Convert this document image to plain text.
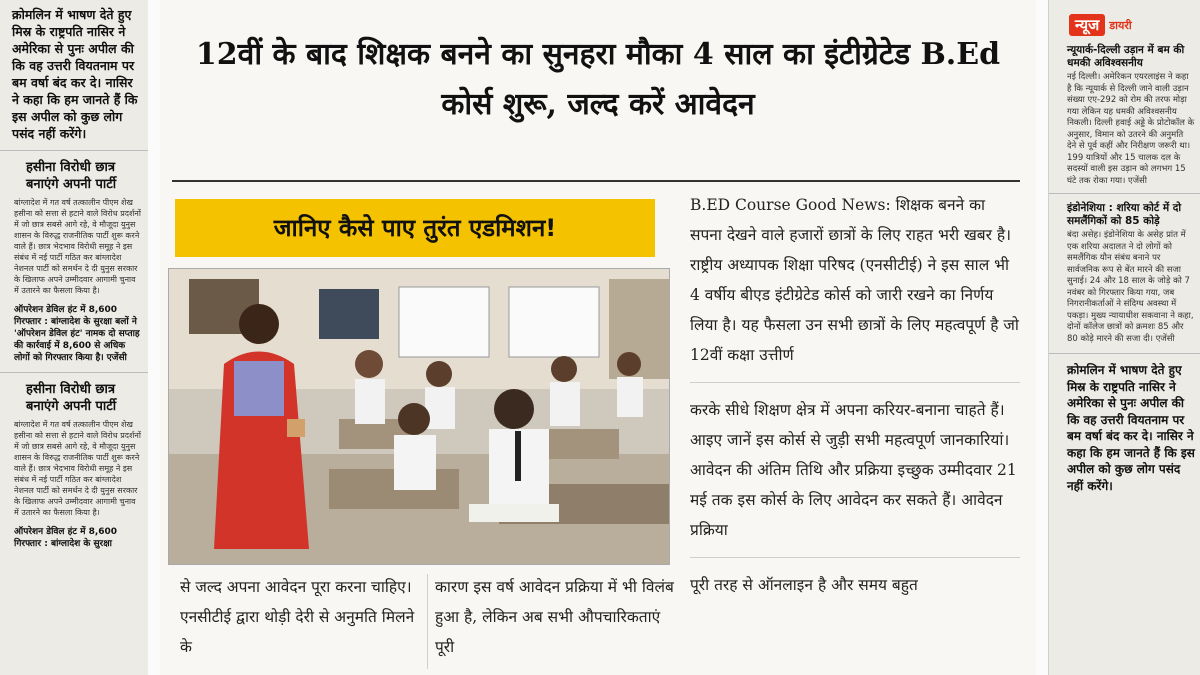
क्रोमलिन में भाषण देते हुए मिस्र के राष्ट्रपति नासिर ने अमेरिका से पुनः अपील की कि वह उत्तरी वियतनाम पर बम वर्षा बंद कर दे। नासिर ने कहा कि हम जानते हैं कि इस अपील को कुछ लोग पसंद नहीं करेंगे।
हसीना विरोधी छात्र बनाएंगे अपनी पार्टी
बांग्लादेश में गत वर्ष तत्कालीन पीएम शेख हसीना को सत्ता से हटाने वाले विरोध प्रदर्शनों में जो छात्र सबसे आगे रहे, वे मौजूदा युनुस शासन के विरुद्ध राजनीतिक पार्टी शुरू करने वाले हैं। छात्र भेदभाव विरोधी समूह ने इस संबंध में नई पार्टी गठित कर बांग्लादेश नेशनल पार्टी को समर्थन दे दी युनुस सरकार के खिलाफ अपने उम्मीदवार आगामी चुनाव में उतारने का फैसला किया है।
ऑपरेशन डेविल हंट में 8,600 गिरफ्तार : बांग्लादेश के सुरक्षा बलों ने 'ऑपरेशन डेविल हंट' नामक दो सप्ताह की कार्रवाई में 8,600 से अधिक लोगों को गिरफ्तार किया है। एजेंसी
हसीना विरोधी छात्र बनाएंगे अपनी पार्टी
बांग्लादेश में गत वर्ष तत्कालीन पीएम शेख हसीना को सत्ता से हटाने वाले विरोध प्रदर्शनों में जो छात्र सबसे आगे रहे, वे मौजूदा युनुस शासन के विरुद्ध राजनीतिक पार्टी शुरू करने वाले हैं। छात्र भेदभाव विरोधी समूह ने इस संबंध में नई पार्टी गठित कर बांग्लादेश नेशनल पार्टी को समर्थन दे दी युनुस सरकार के खिलाफ अपने उम्मीदवार आगामी चुनाव में उतारने का फैसला किया है।
ऑपरेशन डेविल हंट में 8,600 गिरफ्तार : बांग्लादेश के सुरक्षा
12वीं के बाद शिक्षक बनने का सुनहरा मौका 4 साल का इंटीग्रेटेड B.Ed कोर्स शुरू, जल्द करें आवेदन
जानिए कैसे पाए तुरंत एडमिशन!
B.ED Course Good News: शिक्षक बनने का सपना देखने वाले हजारों छात्रों के लिए राहत भरी खबर है। राष्ट्रीय अध्यापक शिक्षा परिषद (एनसीटीई) ने इस साल भी 4 वर्षीय बीएड इंटीग्रेटेड कोर्स को जारी रखने का निर्णय लिया है। यह फैसला उन सभी छात्रों के लिए महत्वपूर्ण है जो 12वीं कक्षा उत्तीर्ण
करके सीधे शिक्षण क्षेत्र में अपना करियर-बनाना चाहते हैं। आइए जानें इस कोर्स से जुड़ी सभी महत्वपूर्ण जानकारियां। आवेदन की अंतिम तिथि और प्रक्रिया इच्छुक उम्मीदवार 21 मई तक इस कोर्स के लिए आवेदन कर सकते हैं। आवेदन प्रक्रिया
पूरी तरह से ऑनलाइन है और समय बहुत
से जल्द अपना आवेदन पूरा करना चाहिए। एनसीटीई द्वारा थोड़ी देरी से अनुमति मिलने के
कारण इस वर्ष आवेदन प्रक्रिया में भी विलंब हुआ है, लेकिन अब सभी औपचारिकताएं पूरी
न्यूज डायरी
न्यूयार्क-दिल्ली उड़ान में बम की धमकी अविश्वसनीय
नई दिल्ली। अमेरिकन एयरलाइंस ने कहा है कि न्यूयार्क से दिल्ली जाने वाली उड़ान संख्या एए-292 को रोम की तरफ मोड़ा गया लेकिन यह धमकी अविश्वसनीय निकली। दिल्ली हवाई अड्डे के प्रोटोकॉल के अनुसार, विमान को उतरने की अनुमति देने से पूर्व कहीं और निरीक्षण जरूरी था। 199 यात्रियों और 15 चालक दल के सदस्यों वाली इस उड़ान को लगभग 15 घंटे तक रोका गया। एजेंसी
इंडोनेशिया : शरिया कोर्ट में दो समलैंगिकों को 85 कोड़े
बंदा असेह। इंडोनेशिया के असेह प्रांत में एक शरिया अदालत ने दो लोगों को समलैंगिक यौन संबंध बनाने पर सार्वजनिक रूप से बेंत मारने की सजा सुनाई। 24 और 18 साल के जोड़े को 7 नवंबर को गिरफ्तार किया गया, जब निगरानीकर्ताओं ने संदिग्ध अवस्था में पकड़ा। मुख्य न्यायाधीश सकवाना ने कहा, दोनों कॉलेज छात्रों को क्रमशः 85 और 80 कोड़े मारने की सजा दी। एजेंसी
क्रोमलिन में भाषण देते हुए मिस्र के राष्ट्रपति नासिर ने अमेरिका से पुनः अपील की कि वह उत्तरी वियतनाम पर बम वर्षा बंद कर दे। नासिर ने कहा कि हम जानते हैं कि इस अपील को कुछ लोग पसंद नहीं करेंगे।
